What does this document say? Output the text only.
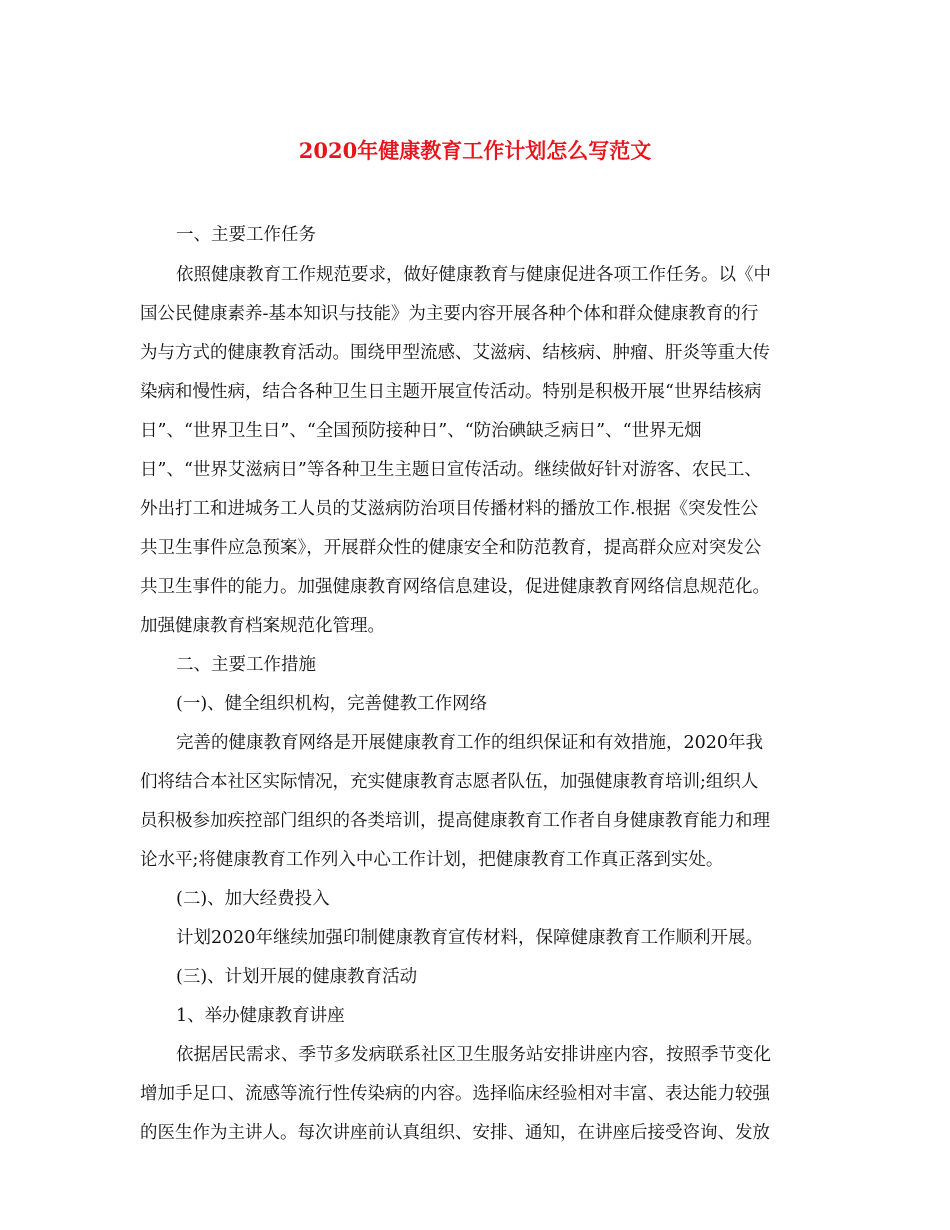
2020年健康教育工作计划怎么写范文
一、主要工作任务
依照健康教育工作规范要求，做好健康教育与健康促进各项工作任务。以《中
国公民健康素养-基本知识与技能》为主要内容开展各种个体和群众健康教育的行
为与方式的健康教育活动。围绕甲型流感、艾滋病、结核病、肿瘤、肝炎等重大传
染病和慢性病，结合各种卫生日主题开展宣传活动。特别是积极开展“世界结核病
日”、“世界卫生日”、“全国预防接种日”、“防治碘缺乏病日”、“世界无烟
日”、“世界艾滋病日”等各种卫生主题日宣传活动。继续做好针对游客、农民工、
外出打工和进城务工人员的艾滋病防治项目传播材料的播放工作.根据《突发性公
共卫生事件应急预案》，开展群众性的健康安全和防范教育，提高群众应对突发公
共卫生事件的能力。加强健康教育网络信息建设，促进健康教育网络信息规范化。
加强健康教育档案规范化管理。
二、主要工作措施
(一)、健全组织机构，完善健教工作网络
完善的健康教育网络是开展健康教育工作的组织保证和有效措施，2020年我
们将结合本社区实际情况，充实健康教育志愿者队伍，加强健康教育培训;组织人
员积极参加疾控部门组织的各类培训，提高健康教育工作者自身健康教育能力和理
论水平;将健康教育工作列入中心工作计划，把健康教育工作真正落到实处。
(二)、加大经费投入
计划2020年继续加强印制健康教育宣传材料，保障健康教育工作顺利开展。
(三)、计划开展的健康教育活动
1、举办健康教育讲座
依据居民需求、季节多发病联系社区卫生服务站安排讲座内容，按照季节变化
增加手足口、流感等流行性传染病的内容。选择临床经验相对丰富、表达能力较强
的医生作为主讲人。每次讲座前认真组织、安排、通知，在讲座后接受咨询、发放
